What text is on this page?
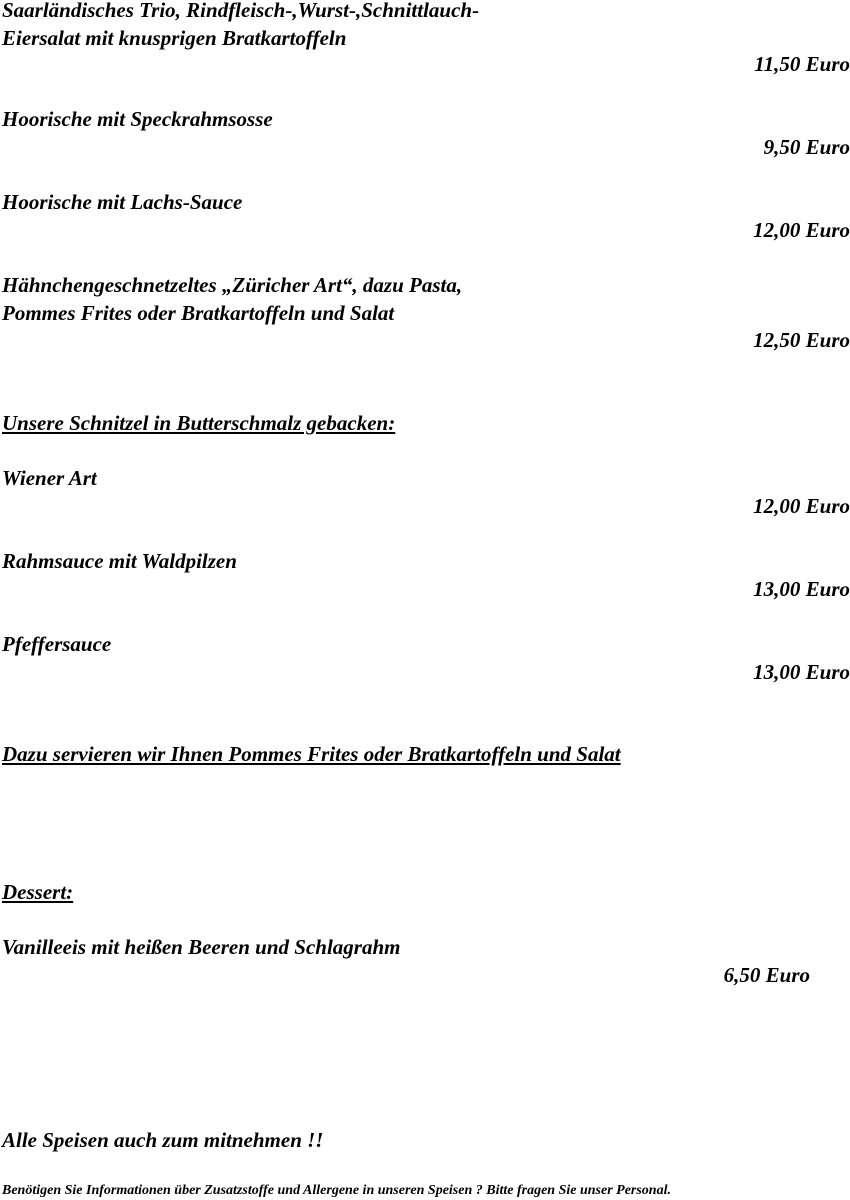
Saarländisches Trio, Rindfleisch-,Wurst-,Schnittlauch-
Eiersalat mit knusprigen Bratkartoffeln
11,50 Euro
Hoorische mit Speckrahmsosse
9,50 Euro
Hoorische mit Lachs-Sauce
12,00 Euro
Hähnchengeschnetzeltes „Züricher Art“, dazu Pasta,
Pommes Frites oder Bratkartoffeln und Salat
12,50 Euro
Unsere Schnitzel in Butterschmalz gebacken:
Wiener Art
12,00 Euro
Rahmsauce mit Waldpilzen
13,00 Euro
Pfeffersauce
13,00 Euro
Dazu servieren wir Ihnen Pommes Frites oder Bratkartoffeln und Salat
Dessert:
Vanilleeis mit heißen Beeren und Schlagrahm
6,50 Euro
Alle Speisen auch zum mitnehmen !!
Benötigen Sie Informationen über Zusatzstoffe und Allergene in unseren Speisen ? Bitte fragen Sie unser Personal.
